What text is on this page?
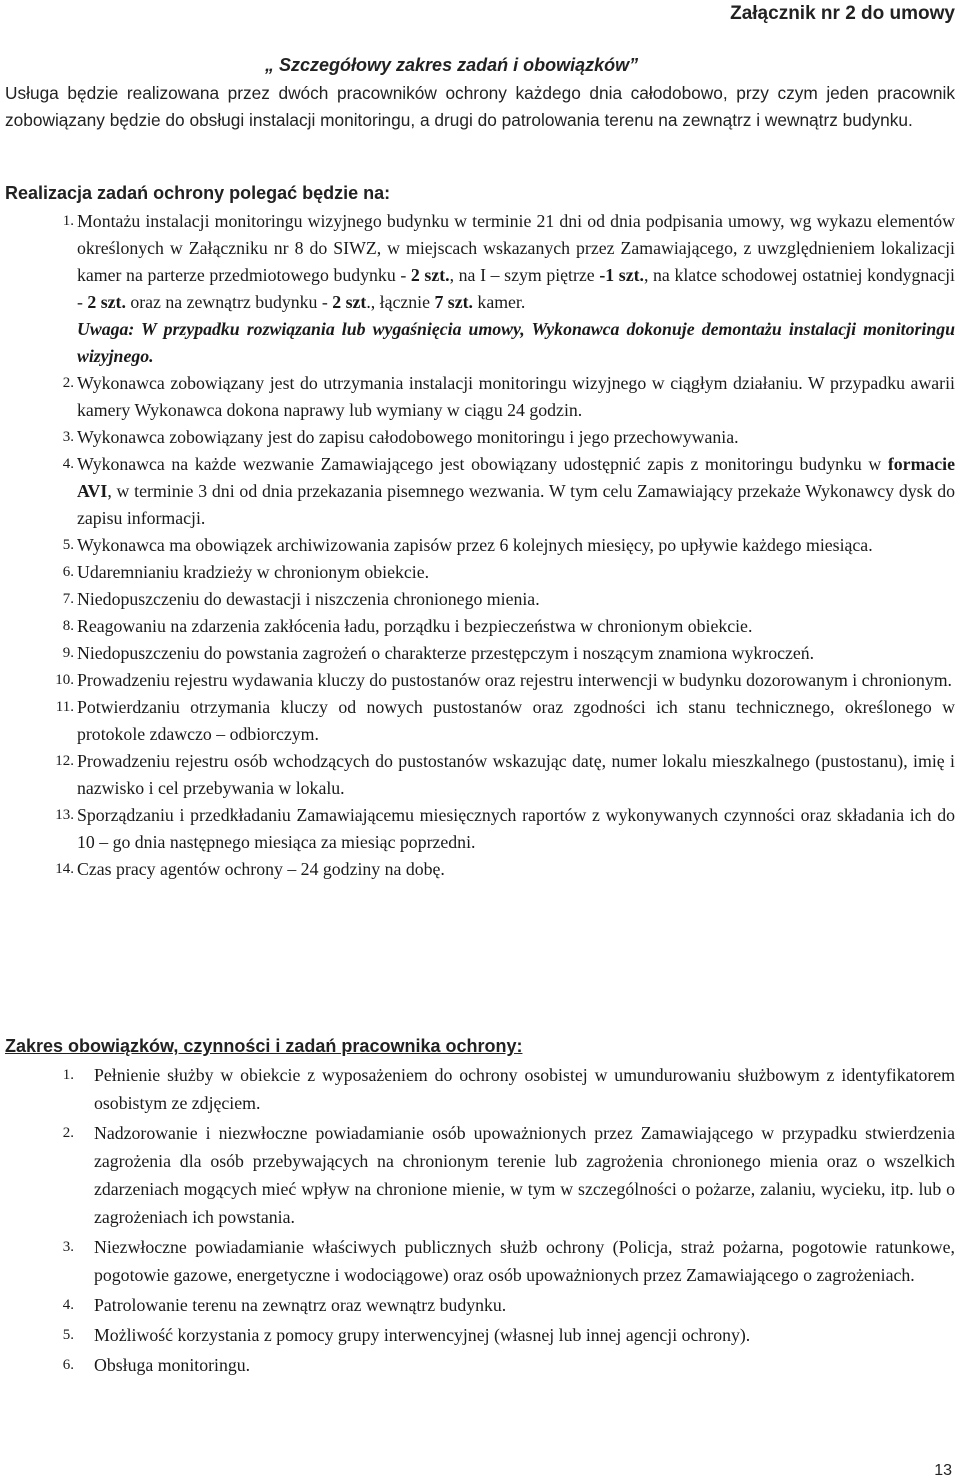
Załącznik nr 2 do umowy
„ Szczegółowy zakres zadań i obowiązków”
Usługa będzie realizowana przez dwóch pracowników ochrony każdego dnia całodobowo, przy czym jeden pracownik zobowiązany będzie do obsługi instalacji monitoringu, a drugi do patrolowania terenu na zewnątrz i wewnątrz budynku.
Realizacja zadań ochrony polegać będzie na:
1. Montażu instalacji monitoringu wizyjnego budynku w terminie 21 dni od dnia podpisania umowy, wg wykazu elementów określonych w Załączniku nr 8 do SIWZ, w miejscach wskazanych przez Zamawiającego, z uwzględnieniem lokalizacji kamer na parterze przedmiotowego budynku - 2 szt., na I – szym piętrze -1 szt., na klatce schodowej ostatniej kondygnacji - 2 szt. oraz na zewnątrz budynku - 2 szt., łącznie 7 szt. kamer.
Uwaga: W przypadku rozwiązania lub wygaśnięcia umowy, Wykonawca dokonuje demontażu instalacji monitoringu wizyjnego.
2. Wykonawca zobowiązany jest do utrzymania instalacji monitoringu wizyjnego w ciągłym działaniu. W przypadku awarii kamery Wykonawca dokona naprawy lub wymiany w ciągu 24 godzin.
3. Wykonawca zobowiązany jest do zapisu całodobowego monitoringu i jego przechowywania.
4. Wykonawca na każde wezwanie Zamawiającego jest obowiązany udostępnić zapis z monitoringu budynku w formacie AVI, w terminie 3 dni od dnia przekazania pisemnego wezwania. W tym celu Zamawiający przekaże Wykonawcy dysk do zapisu informacji.
5. Wykonawca ma obowiązek archiwizowania zapisów przez 6 kolejnych miesięcy, po upływie każdego miesiąca.
6. Udaremnianiu kradzieży w chronionym obiekcie.
7. Niedopuszczeniu do dewastacji i niszczenia chronionego mienia.
8. Reagowaniu na zdarzenia zakłócenia ładu, porządku i bezpieczeństwa w chronionym obiekcie.
9. Niedopuszczeniu do powstania zagrożeń o charakterze przestępczym i noszącym znamiona wykroczeń.
10. Prowadzeniu rejestru wydawania kluczy do pustostanów oraz rejestru interwencji w budynku dozorowanym i chronionym.
11. Potwierdzaniu otrzymania kluczy od nowych pustostanów oraz zgodności ich stanu technicznego, określonego w protokole zdawczo – odbiorczym.
12. Prowadzeniu rejestru osób wchodzących do pustostanów wskazując datę, numer lokalu mieszkalnego (pustostanu), imię i nazwisko i cel przebywania w lokalu.
13. Sporządzaniu i przedkładaniu Zamawiającemu miesięcznych raportów z wykonywanych czynności oraz składania ich do 10 – go dnia następnego miesiąca za miesiąc poprzedni.
14. Czas pracy agentów ochrony – 24 godziny na dobę.
Zakres obowiązków, czynności i zadań pracownika ochrony:
1. Pełnienie służby w obiekcie z wyposażeniem do ochrony osobistej w umundurowaniu służbowym z identyfikatorem osobistym ze zdjęciem.
2. Nadzorowanie i niezwłoczne powiadamianie osób upoważnionych przez Zamawiającego w przypadku stwierdzenia zagrożenia dla osób przebywających na chronionym terenie lub zagrożenia chronionego mienia oraz o wszelkich zdarzeniach mogących mieć wpływ na chronione mienie, w tym w szczególności o pożarze, zalaniu, wycieku, itp. lub o zagrożeniach ich powstania.
3. Niezwłoczne powiadamianie właściwych publicznych służb ochrony (Policja, straż pożarna, pogotowie ratunkowe, pogotowie gazowe, energetyczne i wodociągowe) oraz osób upoważnionych przez Zamawiającego o zagrożeniach.
4. Patrolowanie terenu na zewnątrz oraz wewnątrz budynku.
5. Możliwość korzystania z pomocy grupy interwencyjnej (własnej lub innej agencji ochrony).
6. Obsługa monitoringu.
13
